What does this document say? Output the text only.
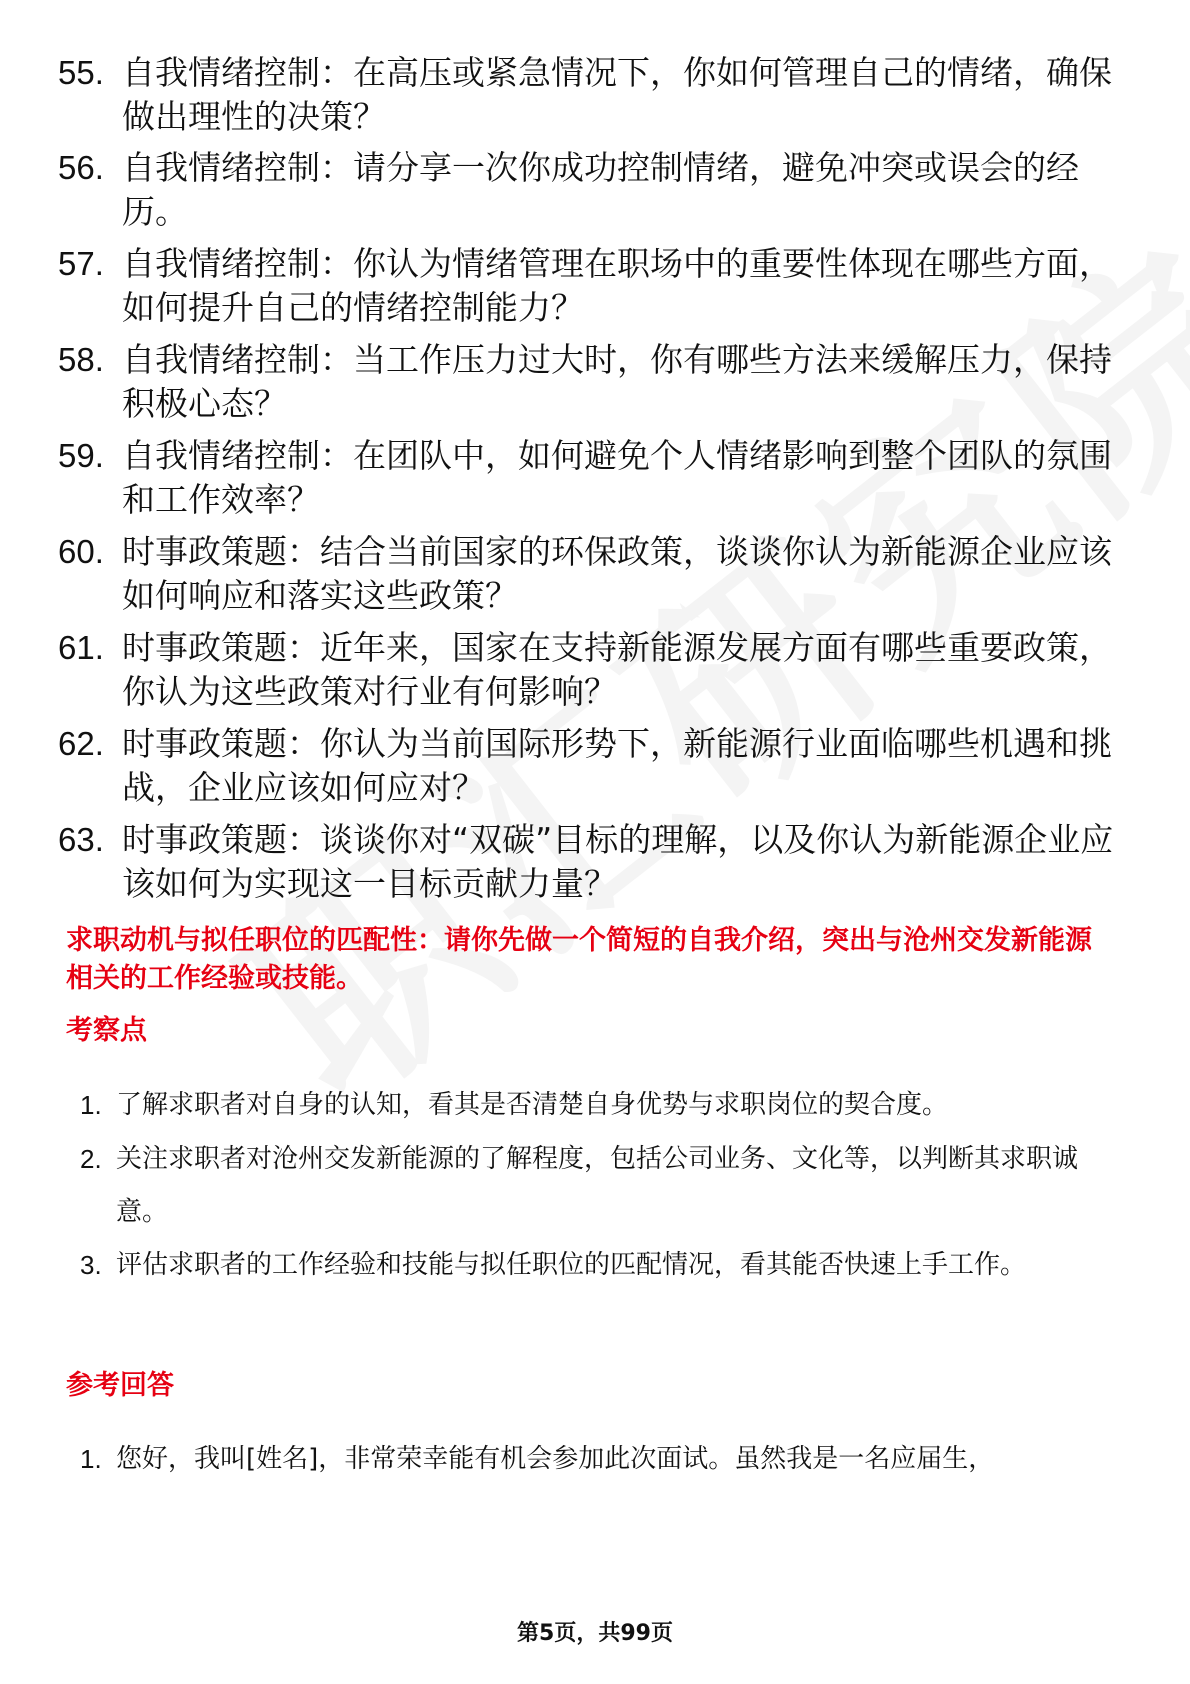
55. 自我情绪控制：在高压或紧急情况下，你如何管理自己的情绪，确保做出理性的决策？
56. 自我情绪控制：请分享一次你成功控制情绪，避免冲突或误会的经历。
57. 自我情绪控制：你认为情绪管理在职场中的重要性体现在哪些方面，如何提升自己的情绪控制能力？
58. 自我情绪控制：当工作压力过大时，你有哪些方法来缓解压力，保持积极心态？
59. 自我情绪控制：在团队中，如何避免个人情绪影响到整个团队的氛围和工作效率？
60. 时事政策题：结合当前国家的环保政策，谈谈你认为新能源企业应该如何响应和落实这些政策？
61. 时事政策题：近年来，国家在支持新能源发展方面有哪些重要政策，你认为这些政策对行业有何影响？
62. 时事政策题：你认为当前国际形势下，新能源行业面临哪些机遇和挑战，企业应该如何应对？
63. 时事政策题：谈谈你对“双碳”目标的理解，以及你认为新能源企业应该如何为实现这一目标贡献力量？
求职动机与拟任职位的匹配性：请你先做一个简短的自我介绍，突出与沧州交发新能源相关的工作经验或技能。
考察点
1. 了解求职者对自身的认知，看其是否清楚自身优势与求职岗位的契合度。
2. 关注求职者对沧州交发新能源的了解程度，包括公司业务、文化等，以判断其求职诚意。
3. 评估求职者的工作经验和技能与拟任职位的匹配情况，看其能否快速上手工作。
参考回答
1. 您好，我叫[姓名]，非常荣幸能有机会参加此次面试。虽然我是一名应届生，
第5页，共99页
